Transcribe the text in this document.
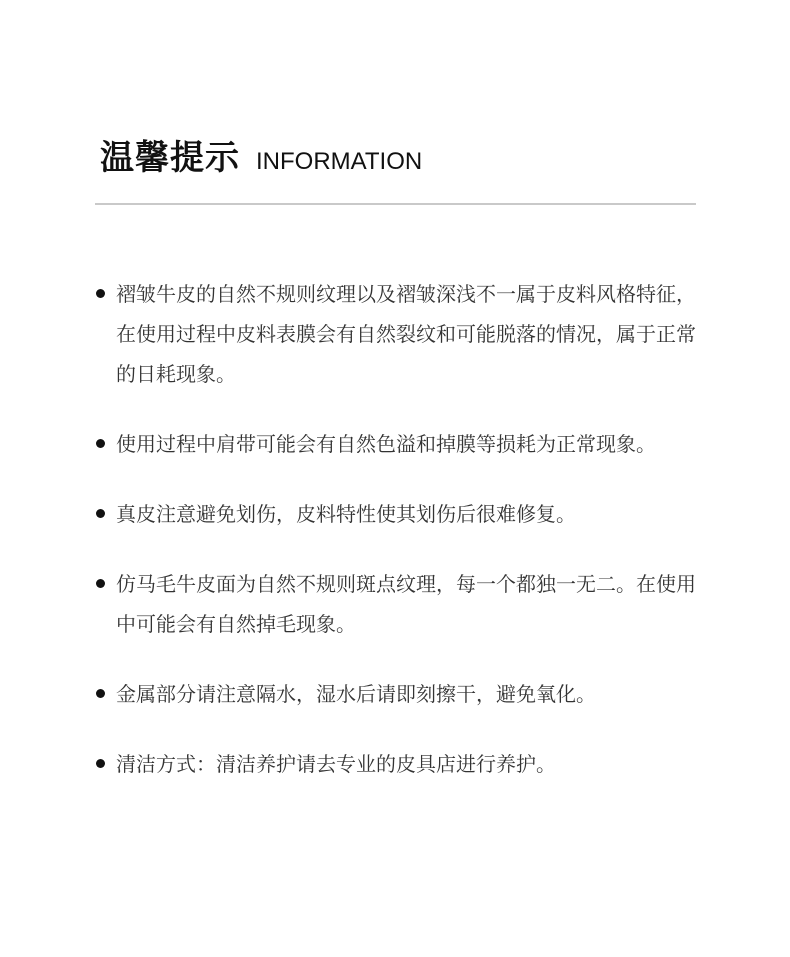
温馨提示 INFORMATION
褶皱牛皮的自然不规则纹理以及褶皱深浅不一属于皮料风格特征，在使用过程中皮料表膜会有自然裂纹和可能脱落的情况，属于正常的日耗现象。
使用过程中肩带可能会有自然色溢和掉膜等损耗为正常现象。
真皮注意避免划伤，皮料特性使其划伤后很难修复。
仿马毛牛皮面为自然不规则斑点纹理，每一个都独一无二。在使用中可能会有自然掉毛现象。
金属部分请注意隔水，湿水后请即刻擦干，避免氧化。
清洁方式：清洁养护请去专业的皮具店进行养护。
